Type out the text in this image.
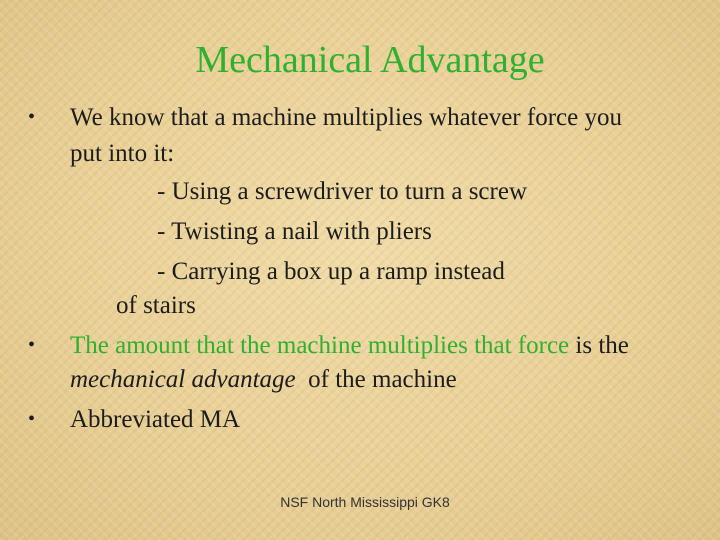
Mechanical Advantage
• We know that a machine multiplies whatever force you
put into it:
- Using a screwdriver to turn a screw
- Twisting a nail with pliers
- Carrying a box up a ramp instead
of stairs
• The amount that the machine multiplies that force is the
mechanical advantage  of the machine
• Abbreviated MA
NSF North Mississippi GK8
